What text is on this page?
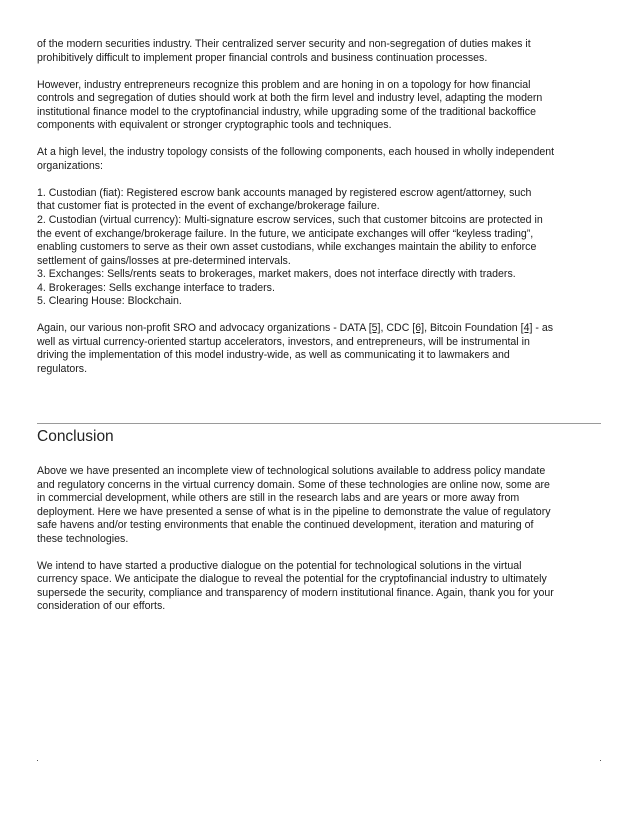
of the modern securities industry. Their centralized server security and non-segregation of duties makes it
prohibitively difficult to implement proper financial controls and business continuation processes.

However, industry entrepreneurs recognize this problem and are honing in on a topology for how financial
controls and segregation of duties should work at both the firm level and industry level, adapting the modern
institutional finance model to the cryptofinancial industry, while upgrading some of the traditional backoffice
components with equivalent or stronger cryptographic tools and techniques.

At a high level, the industry topology consists of the following components, each housed in wholly independent
organizations:

1. Custodian (fiat): Registered escrow bank accounts managed by registered escrow agent/attorney, such
that customer fiat is protected in the event of exchange/brokerage failure.

2. Custodian (virtual currency): Multi-signature escrow services, such that customer bitcoins are protected in
the event of exchange/brokerage failure. In the future, we anticipate exchanges will offer “keyless trading”,
enabling customers to serve as their own asset custodians, while exchanges maintain the ability to enforce
settlement of gains/losses at pre-determined intervals.

3. Exchanges: Sells/rents seats to brokerages, market makers, does not interface directly with traders.

4. Brokerages: Sells exchange interface to traders.

5. Clearing House: Blockchain.

Again, our various non-profit SRO and advocacy organizations - DATA [5], CDC [6], Bitcoin Foundation [4] - as
well as virtual currency-oriented startup accelerators, investors, and entrepreneurs, will be instrumental in
driving the implementation of this model industry-wide, as well as communicating it to lawmakers and
regulators.

Conclusion

Above we have presented an incomplete view of technological solutions available to address policy mandate
and regulatory concerns in the virtual currency domain. Some of these technologies are online now, some are
in commercial development, while others are still in the research labs and are years or more away from
deployment. Here we have presented a sense of what is in the pipeline to demonstrate the value of regulatory
safe havens and/or testing environments that enable the continued development, iteration and maturing of
these technologies.

We intend to have started a productive dialogue on the potential for technological solutions in the virtual
currency space. We anticipate the dialogue to reveal the potential for the cryptofinancial industry to ultimately
supersede the security, compliance and transparency of modern institutional finance. Again, thank you for your
consideration of our efforts.
